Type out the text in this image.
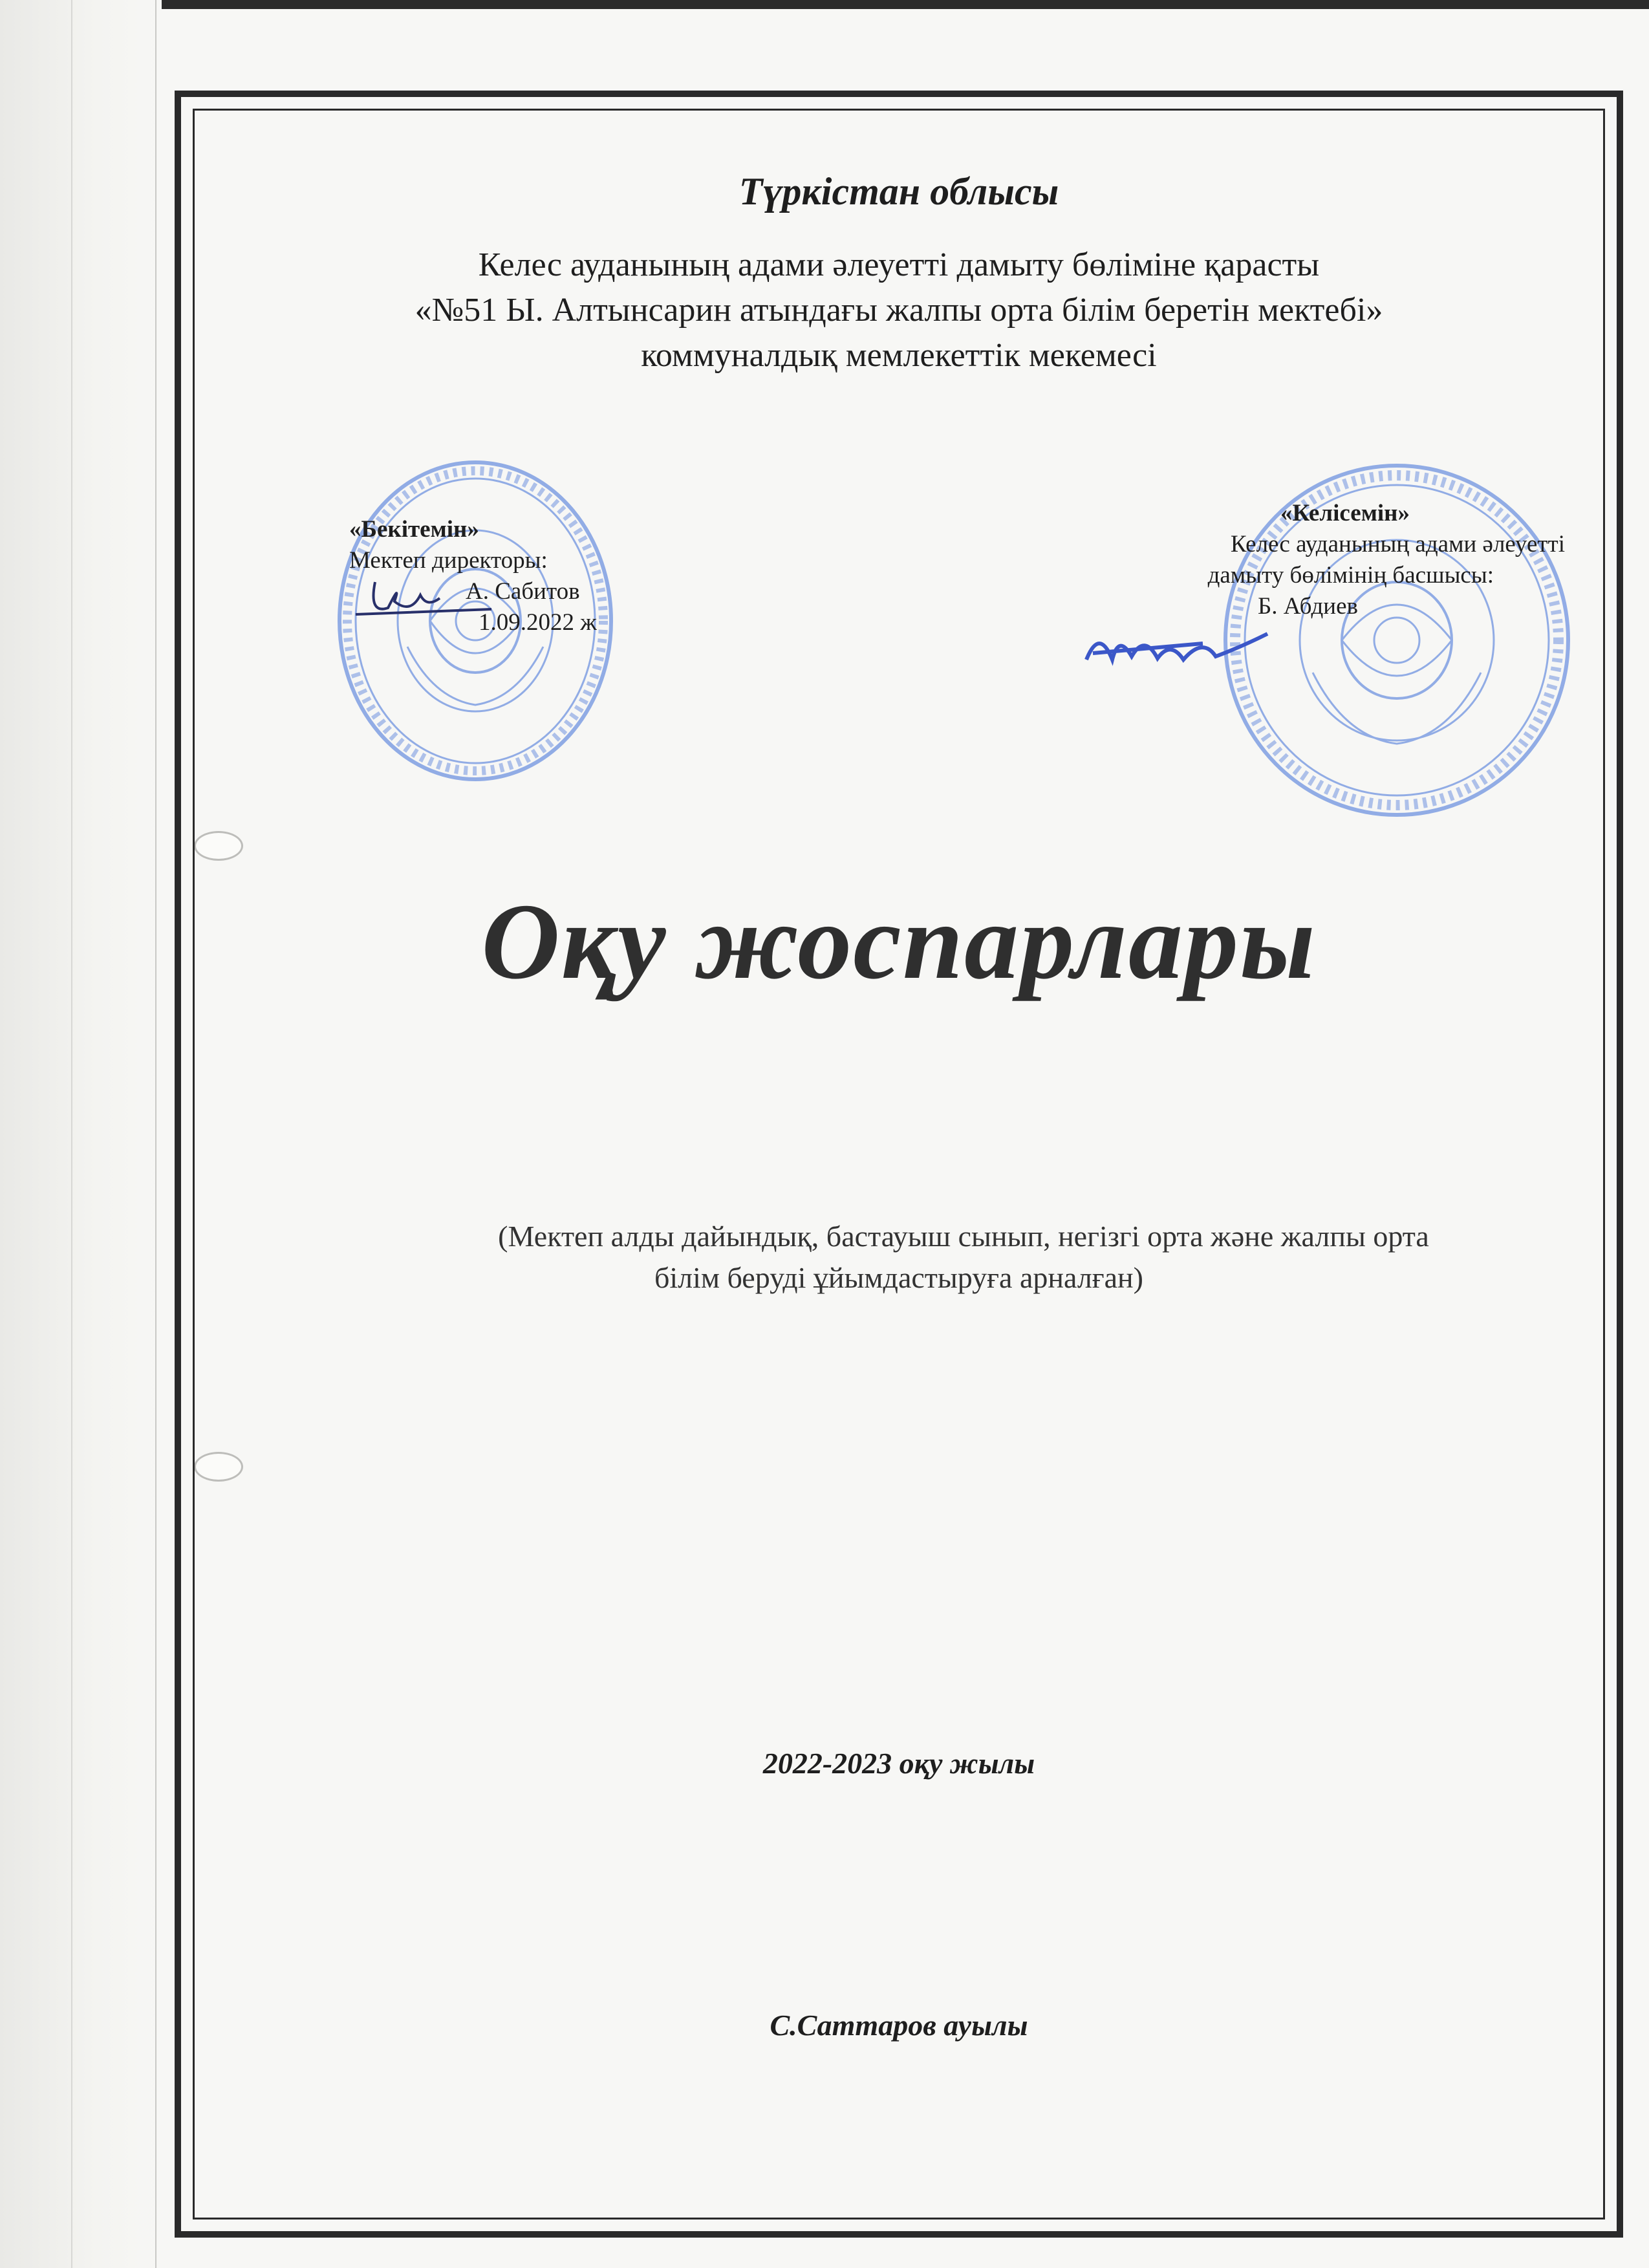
Түркістан облысы
Келес ауданының адами әлеуетті дамыту бөліміне қарасты
«№51 Ы. Алтынсарин атындағы жалпы орта білім беретін мектебі»
коммуналдық мемлекеттік мекемесі
«Бекітемін»
Мектеп директоры:
А. Сабитов
1.09.2022 ж
«Келісемін»
Келес ауданының адами әлеуетті
дамыту бөлімінің басшысы:
Б. Абдиев
Оқу жоспарлары
(Мектеп алды дайындық, бастауыш сынып, негізгі орта және жалпы орта
білім беруді ұйымдастыруға арналған)
2022-2023 оқу жылы
С.Саттаров ауылы
